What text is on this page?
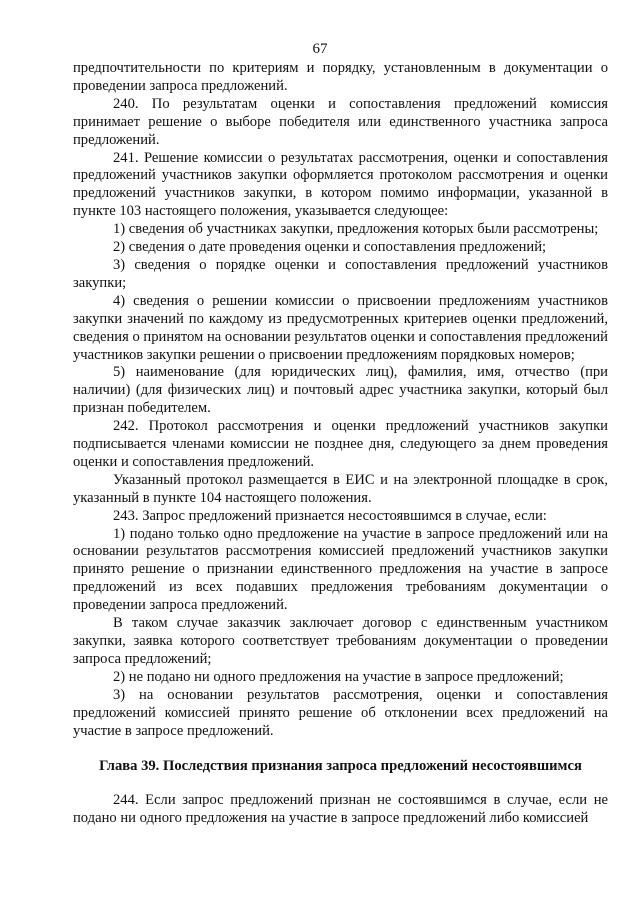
67

предпочтительности по критериям и порядку, установленным в документации о проведении запроса предложений.

240. По результатам оценки и сопоставления предложений комиссия принимает решение о выборе победителя или единственного участника запроса предложений.

241. Решение комиссии о результатах рассмотрения, оценки и сопоставления предложений участников закупки оформляется протоколом рассмотрения и оценки предложений участников закупки, в котором помимо информации, указанной в пункте 103 настоящего положения, указывается следующее:

1) сведения об участниках закупки, предложения которых были рассмотрены;

2) сведения о дате проведения оценки и сопоставления предложений;

3) сведения о порядке оценки и сопоставления предложений участников закупки;

4) сведения о решении комиссии о присвоении предложениям участников закупки значений по каждому из предусмотренных критериев оценки предложений, сведения о принятом на основании результатов оценки и сопоставления предложений участников закупки решении о присвоении предложениям порядковых номеров;

5) наименование (для юридических лиц), фамилия, имя, отчество (при наличии) (для физических лиц) и почтовый адрес участника закупки, который был признан победителем.

242. Протокол рассмотрения и оценки предложений участников закупки подписывается членами комиссии не позднее дня, следующего за днем проведения оценки и сопоставления предложений.

Указанный протокол размещается в ЕИС и на электронной площадке в срок, указанный в пункте 104 настоящего положения.

243. Запрос предложений признается несостоявшимся в случае, если:

1) подано только одно предложение на участие в запросе предложений или на основании результатов рассмотрения комиссией предложений участников закупки принято решение о признании единственного предложения на участие в запросе предложений из всех подавших предложения требованиям документации о проведении запроса предложений.

В таком случае заказчик заключает договор с единственным участником закупки, заявка которого соответствует требованиям документации о проведении запроса предложений;

2) не подано ни одного предложения на участие в запросе предложений;

3) на основании результатов рассмотрения, оценки и сопоставления предложений комиссией принято решение об отклонении всех предложений на участие в запросе предложений.

Глава 39. Последствия признания запроса предложений несостоявшимся

244. Если запрос предложений признан не состоявшимся в случае, если не подано ни одного предложения на участие в запросе предложений либо комиссией
